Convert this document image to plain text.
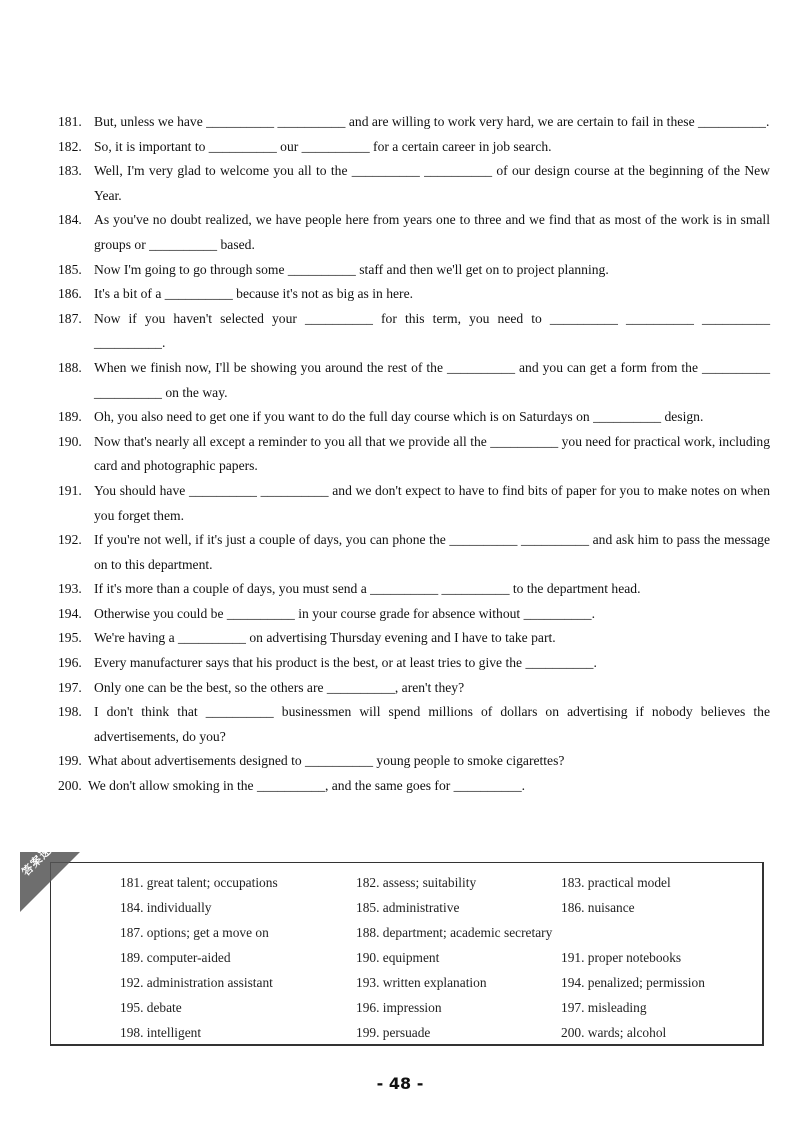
181. But, unless we have __________ __________ and are willing to work very hard, we are certain to fail in these __________.
182. So, it is important to __________ our __________ for a certain career in job search.
183. Well, I'm very glad to welcome you all to the __________ __________ of our design course at the beginning of the New Year.
184. As you've no doubt realized, we have people here from years one to three and we find that as most of the work is in small groups or __________ based.
185. Now I'm going to go through some __________ staff and then we'll get on to project planning.
186. It's a bit of a __________ because it's not as big as in here.
187. Now if you haven't selected your __________ for this term, you need to __________ __________ __________ __________.
188. When we finish now, I'll be showing you around the rest of the __________ and you can get a form from the __________ __________ on the way.
189. Oh, you also need to get one if you want to do the full day course which is on Saturdays on __________ design.
190. Now that's nearly all except a reminder to you all that we provide all the __________ you need for practical work, including card and photographic papers.
191. You should have __________ __________ and we don't expect to have to find bits of paper for you to make notes on when you forget them.
192. If you're not well, if it's just a couple of days, you can phone the __________ __________ and ask him to pass the message on to this department.
193. If it's more than a couple of days, you must send a __________ __________ to the department head.
194. Otherwise you could be __________ in your course grade for absence without __________.
195. We're having a __________ on advertising Thursday evening and I have to take part.
196. Every manufacturer says that his product is the best, or at least tries to give the __________.
197. Only one can be the best, so the others are __________, aren't they?
198. I don't think that __________ businessmen will spend millions of dollars on advertising if nobody believes the advertisements, do you?
199. What about advertisements designed to __________ young people to smoke cigarettes?
200. We don't allow smoking in the __________, and the same goes for __________.
答案速查
181. great talent; occupations	182. assess; suitability	183. practical model
184. individually	185. administrative	186. nuisance
187. options; get a move on	188. department; academic secretary
189. computer-aided	190. equipment	191. proper notebooks
192. administration assistant	193. written explanation	194. penalized; permission
195. debate	196. impression	197. misleading
198. intelligent	199. persuade	200. wards; alcohol
- 48 -
